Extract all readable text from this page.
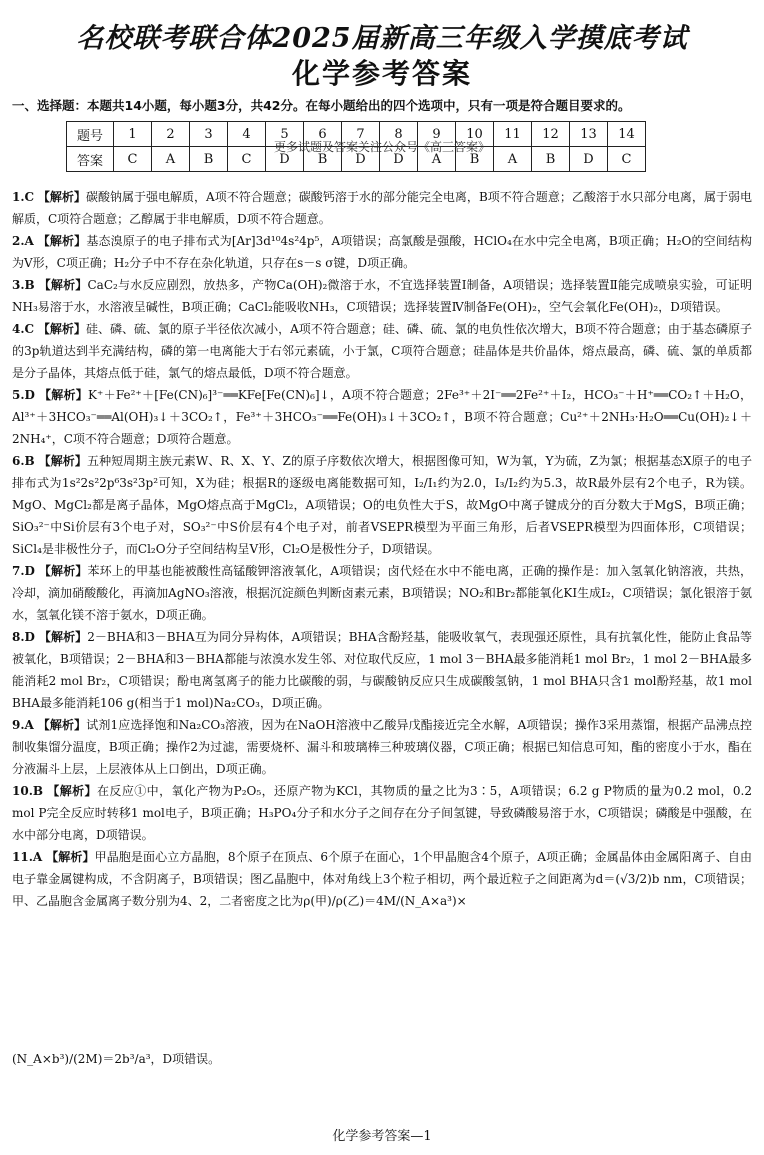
名校联考联合体2025届新高三年级入学摸底考试
化学参考答案
一、选择题：本题共14小题，每小题3分，共42分。在每小题给出的四个选项中，只有一项是符合题目要求的。
题号	1	2	3	4	5	6	7	8	9	10	11	12	13	14
答案	C	A	B	C	D	B	D	D	A	B	A	B	D	C
更多试题及答案关注公众号《高三答案》

1.C 【解析】碳酸钠属于强电解质，A项不符合题意；碳酸钙溶于水的部分能完全电离，B项不符合题意；乙酸溶于水只部分电离，属于弱电解质，C项符合题意；乙醇属于非电解质，D项不符合题意。

2.A 【解析】基态溴原子的电子排布式为[Ar]3d¹⁰4s²4p⁵，A项错误；高氯酸是强酸，HClO₄在水中完全电离，B项正确；H₂O的空间结构为V形，C项正确；H₂分子中不存在杂化轨道，只存在s－s σ键，D项正确。

3.B 【解析】CaC₂与水反应剧烈，放热多，产物Ca(OH)₂微溶于水，不宜选择装置Ⅰ制备，A项错误；选择装置Ⅱ能完成喷泉实验，可证明NH₃易溶于水，水溶液呈碱性，B项正确；CaCl₂能吸收NH₃，C项错误；选择装置Ⅳ制备Fe(OH)₂，空气会氧化Fe(OH)₂，D项错误。

4.C 【解析】硅、磷、硫、氯的原子半径依次减小，A项不符合题意；硅、磷、硫、氯的电负性依次增大，B项不符合题意；由于基态磷原子的3p轨道达到半充满结构，磷的第一电离能大于右邻元素硫，小于氯，C项符合题意；硅晶体是共价晶体，熔点最高，磷、硫、氯的单质都是分子晶体，其熔点低于硅，氯气的熔点最低，D项不符合题意。

5.D 【解析】K⁺＋Fe²⁺＋[Fe(CN)₆]³⁻══KFe[Fe(CN)₆]↓，A项不符合题意；2Fe³⁺＋2I⁻══2Fe²⁺＋I₂，HCO₃⁻＋H⁺══CO₂↑＋H₂O，Al³⁺＋3HCO₃⁻══Al(OH)₃↓＋3CO₂↑，Fe³⁺＋3HCO₃⁻══Fe(OH)₃↓＋3CO₂↑，B项不符合题意；Cu²⁺＋2NH₃·H₂O══Cu(OH)₂↓＋2NH₄⁺，C项不符合题意；D项符合题意。

6.B 【解析】五种短周期主族元素W、R、X、Y、Z的原子序数依次增大，根据图像可知，W为氧，Y为硫，Z为氯；根据基态X原子的电子排布式为1s²2s²2p⁶3s²3p²可知，X为硅；根据R的逐级电离能数据可知，I₂/I₁约为2.0，I₃/I₂约为5.3，故R最外层有2个电子，R为镁。MgO、MgCl₂都是离子晶体，MgO熔点高于MgCl₂，A项错误；O的电负性大于S，故MgO中离子键成分的百分数大于MgS，B项正确；SiO₃²⁻中Si价层有3个电子对，SO₃²⁻中S价层有4个电子对，前者VSEPR模型为平面三角形，后者VSEPR模型为四面体形，C项错误；SiCl₄是非极性分子，而Cl₂O分子空间结构呈V形，Cl₂O是极性分子，D项错误。

7.D 【解析】苯环上的甲基也能被酸性高锰酸钾溶液氧化，A项错误；卤代烃在水中不能电离，正确的操作是：加入氢氧化钠溶液，共热，冷却，滴加硝酸酸化，再滴加AgNO₃溶液，根据沉淀颜色判断卤素元素，B项错误；NO₂和Br₂都能氧化KI生成I₂，C项错误；氯化银溶于氨水，氢氧化镁不溶于氨水，D项正确。

8.D 【解析】2－BHA和3－BHA互为同分异构体，A项错误；BHA含酚羟基，能吸收氧气，表现强还原性，具有抗氧化性，能防止食品等被氧化，B项错误；2－BHA和3－BHA都能与浓溴水发生邻、对位取代反应，1 mol 3－BHA最多能消耗1 mol Br₂，1 mol 2－BHA最多能消耗2 mol Br₂，C项错误；酚电离氢离子的能力比碳酸的弱，与碳酸钠反应只生成碳酸氢钠，1 mol BHA只含1 mol酚羟基，故1 mol BHA最多能消耗106 g(相当于1 mol)Na₂CO₃，D项正确。

9.A 【解析】试剂1应选择饱和Na₂CO₃溶液，因为在NaOH溶液中乙酸异戊酯接近完全水解，A项错误；操作3采用蒸馏，根据产品沸点控制收集馏分温度，B项正确；操作2为过滤，需要烧杯、漏斗和玻璃棒三种玻璃仪器，C项正确；根据已知信息可知，酯的密度小于水，酯在分液漏斗上层，上层液体从上口倒出，D项正确。

10.B 【解析】在反应①中，氧化产物为P₂O₅，还原产物为KCl，其物质的量之比为3∶5，A项错误；6.2 g P物质的量为0.2 mol，0.2 mol P完全反应时转移1 mol电子，B项正确；H₃PO₄分子和水分子之间存在分子间氢键，导致磷酸易溶于水，C项错误；磷酸是中强酸，在水中部分电离，D项错误。

11.A 【解析】甲晶胞是面心立方晶胞，8个原子在顶点、6个原子在面心，1个甲晶胞含4个原子，A项正确；金属晶体由金属阳离子、自由电子靠金属键构成，不含阴离子，B项错误；图乙晶胞中，体对角线上3个粒子相切，两个最近粒子之间距离为d＝(√3/2)b nm，C项错误；甲、乙晶胞含金属离子数分别为4、2，二者密度之比为ρ(甲)/ρ(乙)＝4M/(N_A×a³)×

(N_A×b³)/(2M)＝2b³/a³，D项错误。
化学参考答案—1
